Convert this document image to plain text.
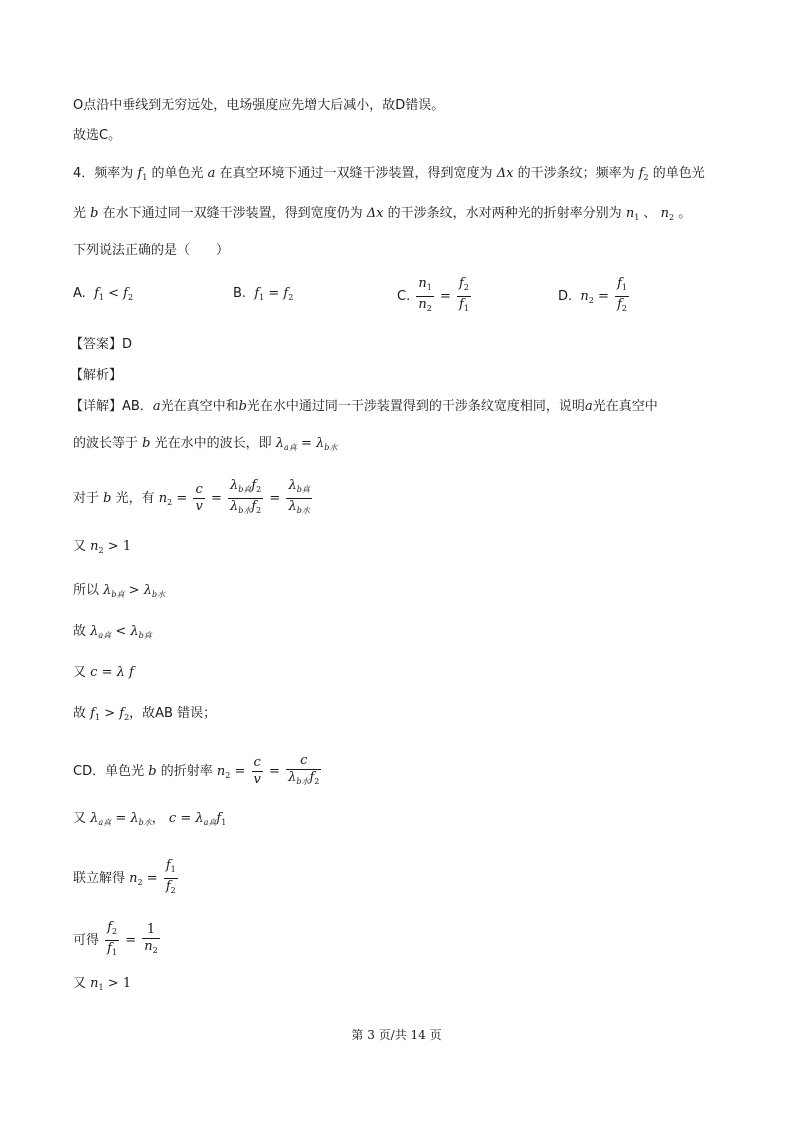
O点沿中垂线到无穷远处，电场强度应先增大后减小，故D错误。
故选C。
4．频率为 $f_1$ 的单色光 a 在真空环境下通过一双缝干涉装置，得到宽度为 Δx 的干涉条纹；频率为 $f_2$ 的单色光
光 b 在水下通过同一双缝干涉装置，得到宽度仍为 Δx 的干涉条纹，水对两种光的折射率分别为 $n_1$ 、 $n_2$ 。
下列说法正确的是（　　）
A. $f_1 < f_2$	B. $f_1 = f_2$	C. $\frac{n_1}{n_2} = \frac{f_2}{f_1}$	D. $n_2 = \frac{f_1}{f_2}$
【答案】D
【解析】
【详解】AB．a光在真空中和b光在水中通过同一干涉装置得到的干涉条纹宽度相同，说明a光在真空中
的波长等于 b 光在水中的波长，即 $\lambda_{a真} = \lambda_{b水}$
对于 b 光，有 $n_2 = \frac{c}{v} = \frac{\lambda_{b真}f_2}{\lambda_{b水}f_2} = \frac{\lambda_{b真}}{\lambda_{b水}}$
又 $n_2 > 1$
所以 $\lambda_{b真} > \lambda_{b水}$
故 $\lambda_{a真} < \lambda_{b真}$
又 c = λ f
故 $f_1 > f_2$，故AB 错误；
CD．单色光 b 的折射率 $n_2 = \frac{c}{v} = \frac{c}{\lambda_{b水}f_2}$
又 $\lambda_{a真} = \lambda_{b水}$， $c = \lambda_{a真}f_1$
联立解得 $n_2 = \frac{f_1}{f_2}$
可得 $\frac{f_2}{f_1} = \frac{1}{n_2}$
又 $n_1 > 1$
第 3 页/共 14 页
